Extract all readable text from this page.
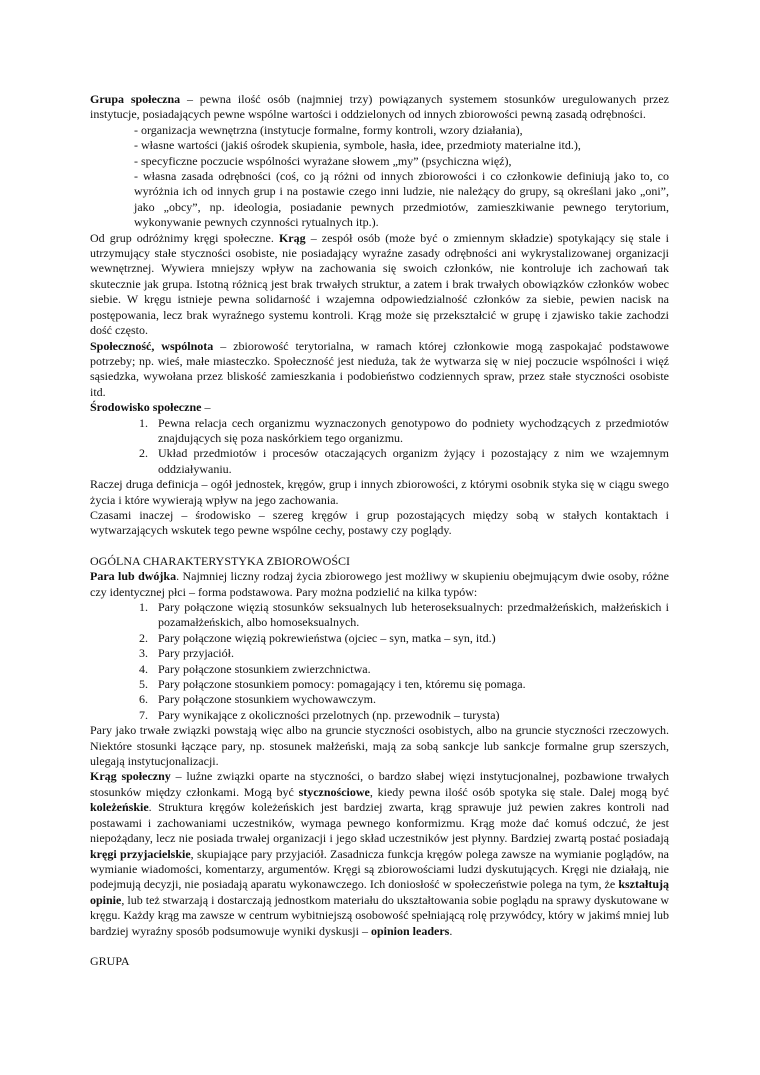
Grupa społeczna – pewna ilość osób (najmniej trzy) powiązanych systemem stosunków uregulowanych przez instytucje, posiadających pewne wspólne wartości i oddzielonych od innych zbiorowości pewną zasadą odrębności.

- organizacja wewnętrzna (instytucje formalne, formy kontroli, wzory działania),
- własne wartości (jakiś ośrodek skupienia, symbole, hasła, idee, przedmioty materialne itd.),
- specyficzne poczucie wspólności wyrażane słowem „my” (psychiczna więź),
- własna zasada odrębności (coś, co ją różni od innych zbiorowości i co członkowie definiują jako to, co wyróżnia ich od innych grup i na postawie czego inni ludzie, nie należący do grupy, są określani jako „oni”, jako „obcy”, np. ideologia, posiadanie pewnych przedmiotów, zamieszkiwanie pewnego terytorium, wykonywanie pewnych czynności rytualnych itp.).

Od grup odróżnimy kręgi społeczne. Krąg – zespół osób (może być o zmiennym składzie) spotykający się stale i utrzymujący stałe styczności osobiste, nie posiadający wyraźne zasady odrębności ani wykrystalizowanej organizacji wewnętrznej. Wywiera mniejszy wpływ na zachowania się swoich członków, nie kontroluje ich zachowań tak skutecznie jak grupa. Istotną różnicą jest brak trwałych struktur, a zatem i brak trwałych obowiązków członków wobec siebie. W kręgu istnieje pewna solidarność i wzajemna odpowiedzialność członków za siebie, pewien nacisk na postępowania, lecz brak wyraźnego systemu kontroli. Krąg może się przekształcić w grupę i zjawisko takie zachodzi dość często.

Społeczność, wspólnota – zbiorowość terytorialna, w ramach której członkowie mogą zaspokajać podstawowe potrzeby; np. wieś, małe miasteczko. Społeczność jest nieduża, tak że wytwarza się w niej poczucie wspólności i więź sąsiedzka, wywołana przez bliskość zamieszkania i podobieństwo codziennych spraw, przez stałe styczności osobiste itd.

Środowisko społeczne –

1. Pewna relacja cech organizmu wyznaczonych genotypowo do podniety wychodzących z przedmiotów znajdujących się poza naskórkiem tego organizmu.
2. Układ przedmiotów i procesów otaczających organizm żyjący i pozostający z nim we wzajemnym oddziaływaniu.

Raczej druga definicja – ogół jednostek, kręgów, grup i innych zbiorowości, z którymi osobnik styka się w ciągu swego życia i które wywierają wpływ na jego zachowania.

Czasami inaczej – środowisko – szereg kręgów i grup pozostających między sobą w stałych kontaktach i wytwarzających wskutek tego pewne wspólne cechy, postawy czy poglądy.

OGÓLNA CHARAKTERYSTYKA ZBIOROWOŚCI

Para lub dwójka. Najmniej liczny rodzaj życia zbiorowego jest możliwy w skupieniu obejmującym dwie osoby, różne czy identycznej płci – forma podstawowa. Pary można podzielić na kilka typów:

1. Pary połączone więzią stosunków seksualnych lub heteroseksualnych: przedmałżeńskich, małżeńskich i pozamałżeńskich, albo homoseksualnych.
2. Pary połączone więzią pokrewieństwa (ojciec – syn, matka – syn, itd.)
3. Pary przyjaciół.
4. Pary połączone stosunkiem zwierzchnictwa.
5. Pary połączone stosunkiem pomocy: pomagający i ten, któremu się pomaga.
6. Pary połączone stosunkiem wychowawczym.
7. Pary wynikające z okoliczności przelotnych (np. przewodnik – turysta)

Pary jako trwałe związki powstają więc albo na gruncie styczności osobistych, albo na gruncie styczności rzeczowych. Niektóre stosunki łączące pary, np. stosunek małżeński, mają za sobą sankcje lub sankcje formalne grup szerszych, ulegają instytucjonalizacji.

Krąg społeczny – luźne związki oparte na styczności, o bardzo słabej więzi instytucjonalnej, pozbawione trwałych stosunków między członkami. Mogą być stycznościowe, kiedy pewna ilość osób spotyka się stale. Dalej mogą być koleżeńskie. Struktura kręgów koleżeńskich jest bardziej zwarta, krąg sprawuje już pewien zakres kontroli nad postawami i zachowaniami uczestników, wymaga pewnego konformizmu. Krąg może dać komuś odczuć, że jest niepożądany, lecz nie posiada trwałej organizacji i jego skład uczestników jest płynny. Bardziej zwartą postać posiadają kręgi przyjacielskie, skupiające pary przyjaciół. Zasadnicza funkcja kręgów polega zawsze na wymianie poglądów, na wymianie wiadomości, komentarzy, argumentów. Kręgi są zbiorowościami ludzi dyskutujących. Kręgi nie działają, nie podejmują decyzji, nie posiadają aparatu wykonawczego. Ich doniosłość w społeczeństwie polega na tym, że kształtują opinie, lub też stwarzają i dostarczają jednostkom materiału do ukształtowania sobie poglądu na sprawy dyskutowane w kręgu. Każdy krąg ma zawsze w centrum wybitniejszą osobowość spełniającą rolę przywódcy, który w jakimś mniej lub bardziej wyraźny sposób podsumowuje wyniki dyskusji – opinion leaders.

GRUPA
